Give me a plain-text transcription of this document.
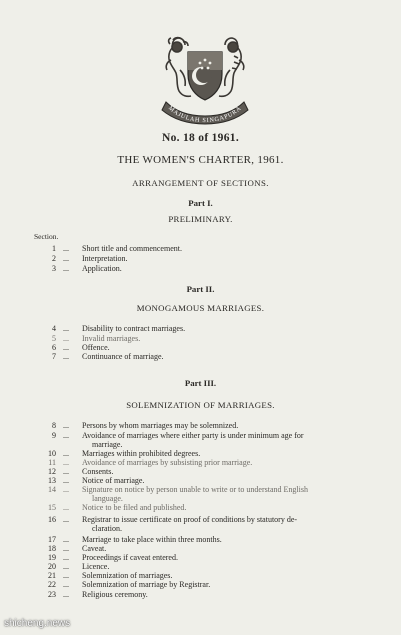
MAJULAH SINGAPURA
No. 18 of 1961.
THE WOMEN'S CHARTER, 1961.
ARRANGEMENT OF SECTIONS.
Part I.
PRELIMINARY.
Section.
1 ... Short title and commencement.
2 ... Interpretation.
3 ... Application.
Part II.
MONOGAMOUS MARRIAGES.
4 ... Disability to contract marriages.
5 ... Invalid marriages.
6 ... Offence.
7 ... Continuance of marriage.
Part III.
SOLEMNIZATION OF MARRIAGES.
8 ... Persons by whom marriages may be solemnized.
9 ... Avoidance of marriages where either party is under minimum age for
marriage.
10 ... Marriages within prohibited degrees.
11 ... Avoidance of marriages by subsisting prior marriage.
12 ... Consents.
13 ... Notice of marriage.
14 ... Signature on notice by person unable to write or to understand English
language.
15 ... Notice to be filed and published.
16 ... Registrar to issue certificate on proof of conditions by statutory de-
claration.
17 ... Marriage to take place within three months.
18 ... Caveat.
19 ... Proceedings if caveat entered.
20 ... Licence.
21 ... Solemnization of marriages.
22 ... Solemnization of marriage by Registrar.
23 ... Religious ceremony.
shicheng.news
